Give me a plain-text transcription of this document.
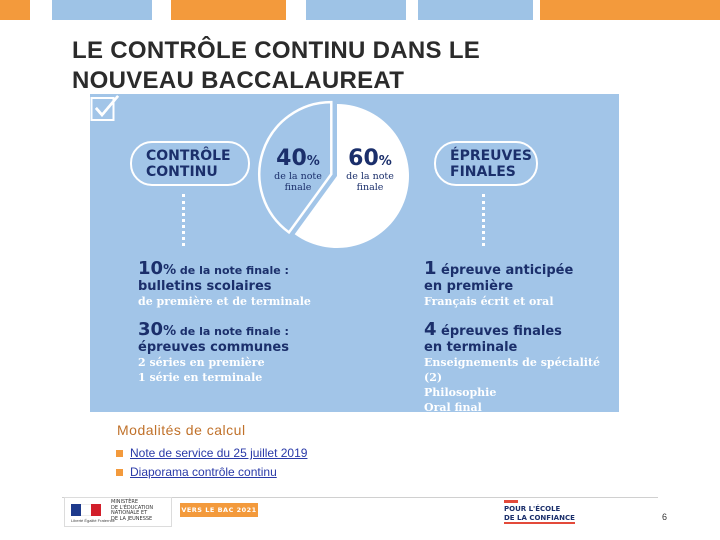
LE CONTRÔLE CONTINU DANS LE
NOUVEAU BACCALAUREAT
CONTRÔLE
CONTINU
ÉPREUVES
FINALES
40%
de la note
finale
60%
de la note
finale
10% de la note finale :
bulletins scolaires
de première et de terminale
30% de la note finale :
épreuves communes
2 séries en première
1 série en terminale
1 épreuve anticipée
en première
Français écrit et oral
4 épreuves finales
en terminale
Enseignements de spécialité (2)
Philosophie
Oral final
Modalités de calcul
Note de service du 25 juillet 2019
Diaporama contrôle continu
Liberté Égalité Fraternité
MINISTÈRE
DE L'ÉDUCATION
NATIONALE ET
DE LA JEUNESSE
VERS LE BAC 2021	POUR L'ÉCOLE
DE LA CONFIANCE	6
